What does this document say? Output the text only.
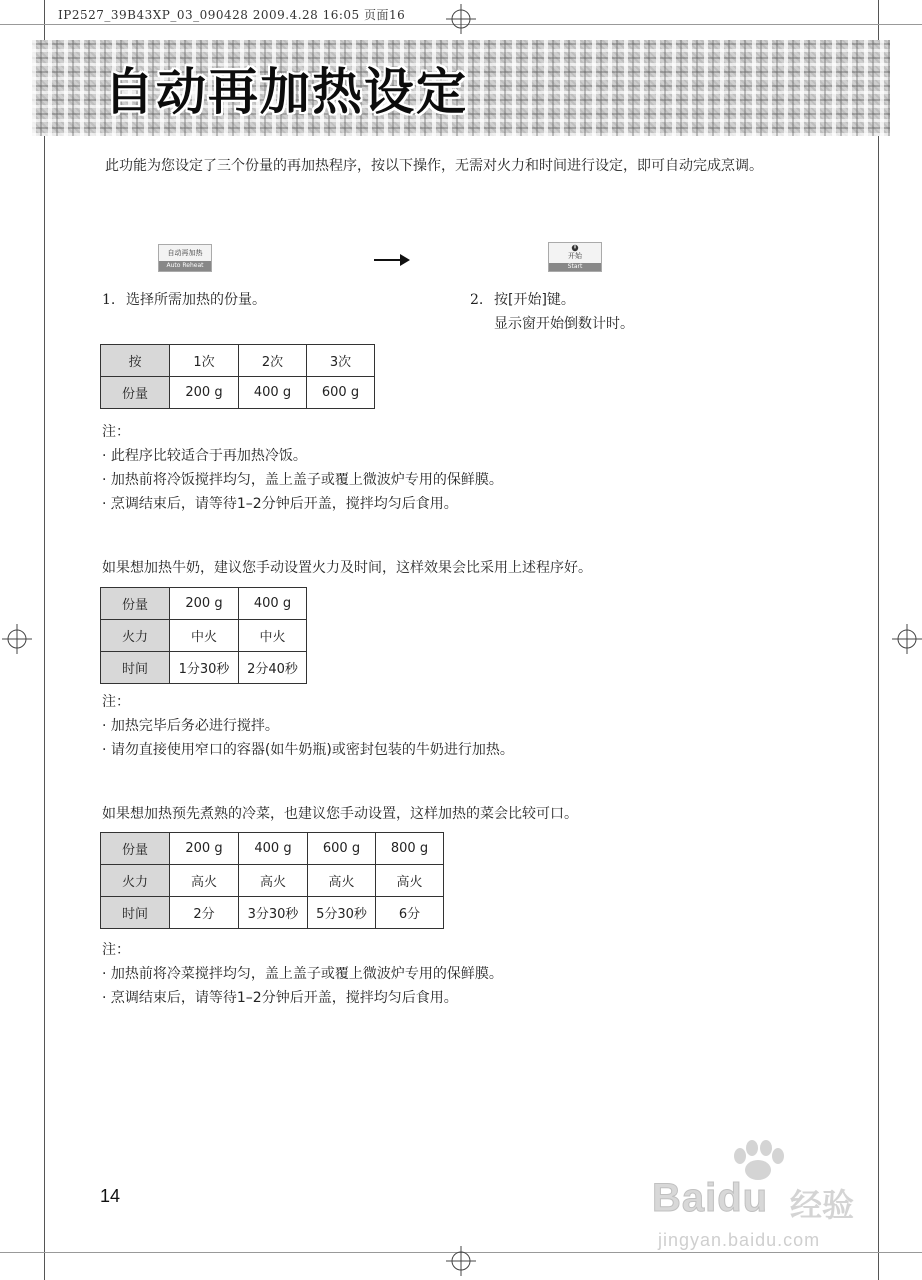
IP2527_39B43XP_03_090428 2009.4.28 16:05 页面16
自动再加热设定
此功能为您设定了三个份量的再加热程序，按以下操作，无需对火力和时间进行设定，即可自动完成烹调。
自动再加热
Auto Reheat
开始
Start
1. 选择所需加热的份量。	2. 按[开始]键。
显示窗开始倒数计时。
按	1次	2次	3次
份量	200 g	400 g	600 g
注：
· 此程序比较适合于再加热冷饭。
· 加热前将冷饭搅拌均匀，盖上盖子或覆上微波炉专用的保鲜膜。
· 烹调结束后，请等待1–2分钟后开盖，搅拌均匀后食用。
如果想加热牛奶，建议您手动设置火力及时间，这样效果会比采用上述程序好。
份量	200 g	400 g
火力	中火	中火
时间	1分30秒	2分40秒
注：
· 加热完毕后务必进行搅拌。
· 请勿直接使用窄口的容器(如牛奶瓶)或密封包装的牛奶进行加热。
如果想加热预先煮熟的冷菜，也建议您手动设置，这样加热的菜会比较可口。
份量	200 g	400 g	600 g	800 g
火力	高火	高火	高火	高火
时间	2分	3分30秒	5分30秒	6分
注：
· 加热前将冷菜搅拌均匀，盖上盖子或覆上微波炉专用的保鲜膜。
· 烹调结束后，请等待1–2分钟后开盖，搅拌均匀后食用。
14	Baidu 经验
jingyan.baidu.com
